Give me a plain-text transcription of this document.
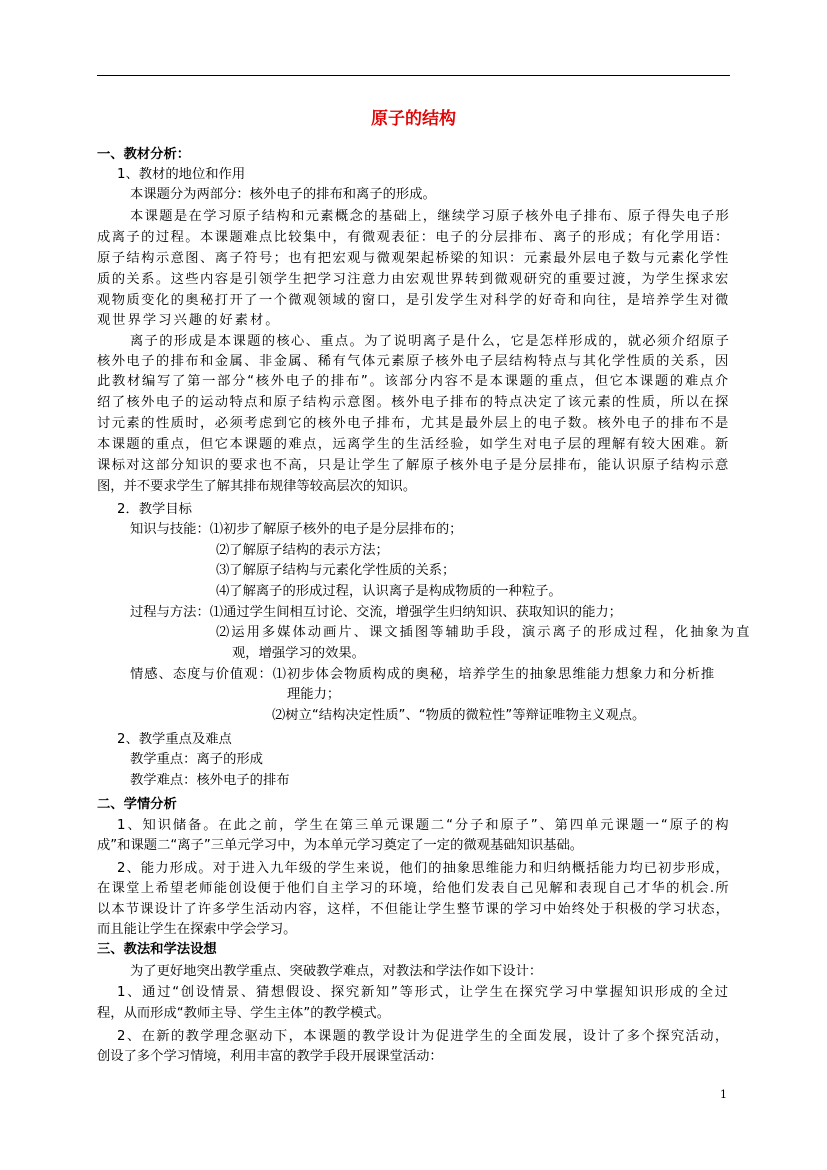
原子的结构
一、教材分析：
1、教材的地位和作用
本课题分为两部分：核外电子的排布和离子的形成。
本课题是在学习原子结构和元素概念的基础上，继续学习原子核外电子排布、原子得失电子形
成离子的过程。本课题难点比较集中，有微观表征：电子的分层排布、离子的形成；有化学用语：
原子结构示意图、离子符号；也有把宏观与微观架起桥梁的知识：元素最外层电子数与元素化学性
质的关系。这些内容是引领学生把学习注意力由宏观世界转到微观研究的重要过渡，为学生探求宏
观物质变化的奥秘打开了一个微观领域的窗口，是引发学生对科学的好奇和向往，是培养学生对微
观世界学习兴趣的好素材。
离子的形成是本课题的核心、重点。为了说明离子是什么，它是怎样形成的，就必须介绍原子
核外电子的排布和金属、非金属、稀有气体元素原子核外电子层结构特点与其化学性质的关系，因
此教材编写了第一部分“核外电子的排布”。该部分内容不是本课题的重点，但它本课题的难点介
绍了核外电子的运动特点和原子结构示意图。核外电子排布的特点决定了该元素的性质，所以在探
讨元素的性质时，必须考虑到它的核外电子排布，尤其是最外层上的电子数。核外电子的排布不是
本课题的重点，但它本课题的难点，远离学生的生活经验，如学生对电子层的理解有较大困难。新
课标对这部分知识的要求也不高，只是让学生了解原子核外电子是分层排布，能认识原子结构示意
图，并不要求学生了解其排布规律等较高层次的知识。
2．教学目标
知识与技能：⑴初步了解原子核外的电子是分层排布的；
⑵了解原子结构的表示方法；
⑶了解原子结构与元素化学性质的关系；
⑷了解离子的形成过程，认识离子是构成物质的一种粒子。
过程与方法：⑴通过学生间相互讨论、交流，增强学生归纳知识、获取知识的能力；
⑵运用多媒体动画片、课文插图等辅助手段，演示离子的形成过程，化抽象为直
观，增强学习的效果。
情感、态度与价值观：⑴初步体会物质构成的奥秘，培养学生的抽象思维能力想象力和分析推
理能力；
⑵树立“结构决定性质”、“物质的微粒性”等辩证唯物主义观点。
2、教学重点及难点
教学重点：离子的形成
教学难点：核外电子的排布
二、学情分析
1、知识储备。在此之前，学生在第三单元课题二“分子和原子”、第四单元课题一“原子的构
成”和课题二“离子”三单元学习中，为本单元学习奠定了一定的微观基础知识基础。
2、能力形成。对于进入九年级的学生来说，他们的抽象思维能力和归纳概括能力均已初步形成，
在课堂上希望老师能创设便于他们自主学习的环境，给他们发表自己见解和表现自己才华的机会.所
以本节课设计了许多学生活动内容，这样，不但能让学生整节课的学习中始终处于积极的学习状态，
而且能让学生在探索中学会学习。
三、教法和学法设想
为了更好地突出教学重点、突破教学难点，对教法和学法作如下设计：
1、通过“创设情景、猜想假设、探究新知”等形式，让学生在探究学习中掌握知识形成的全过
程，从而形成“教师主导、学生主体”的教学模式。
2、在新的教学理念驱动下，本课题的教学设计为促进学生的全面发展，设计了多个探究活动，
创设了多个学习情境，利用丰富的教学手段开展课堂活动：
1
